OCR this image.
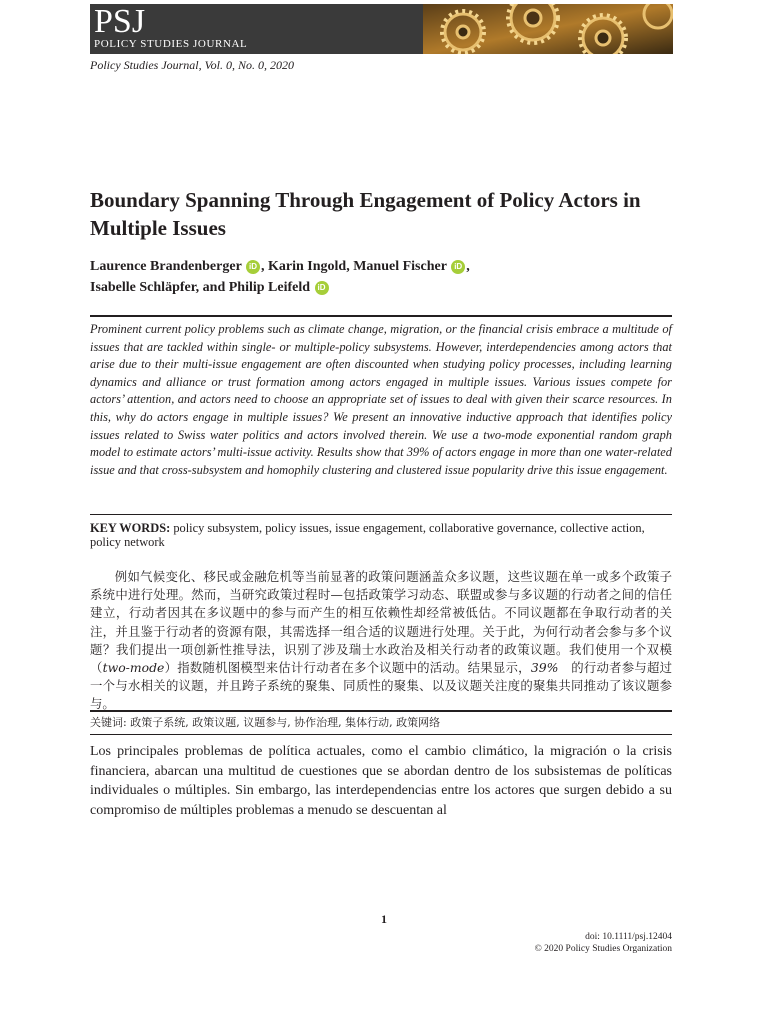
PSJ
POLICY STUDIES JOURNAL
Policy Studies Journal, Vol. 0, No. 0, 2020
Boundary Spanning Through Engagement of Policy Actors in Multiple Issues
Laurence Brandenberger iD , Karin Ingold, Manuel Fischer iD ,
Isabelle Schläpfer, and Philip Leifeld iD
Prominent current policy problems such as climate change, migration, or the financial crisis embrace a multitude of issues that are tackled within single- or multiple-policy subsystems. However, interdependencies among actors that arise due to their multi-issue engagement are often discounted when studying policy processes, including learning dynamics and alliance or trust formation among actors engaged in multiple issues. Various issues compete for actors’ attention, and actors need to choose an appropriate set of issues to deal with given their scarce resources. In this, why do actors engage in multiple issues? We present an innovative inductive approach that identifies policy issues related to Swiss water politics and actors involved therein. We use a two-mode exponential random graph model to estimate actors’ multi-issue activity. Results show that 39% of actors engage in more than one water-related issue and that cross-subsystem and homophily clustering and clustered issue popularity drive this issue engagement.
KEY WORDS: policy subsystem, policy issues, issue engagement, collaborative governance, collective action, policy network
例如气候变化、移民或金融危机等当前显著的政策问题涵盖众多议题，这些议题在单一或多个政策子系统中进行处理。然而，当研究政策过程时—包括政策学习动态、联盟或参与多议题的行动者之间的信任建立，行动者因其在多议题中的参与而产生的相互依赖性却经常被低估。不同议题都在争取行动者的关注，并且鉴于行动者的资源有限，其需选择一组合适的议题进行处理。关于此，为何行动者会参与多个议题？我们提出一项创新性推导法，识别了涉及瑞士水政治及相关行动者的政策议题。我们使用一个双模（two-mode）指数随机图模型来估计行动者在多个议题中的活动。结果显示，39%　的行动者参与超过一个与水相关的议题，并且跨子系统的聚集、同质性的聚集、以及议题关注度的聚集共同推动了该议题参与。
关键词: 政策子系统, 政策议题, 议题参与, 协作治理, 集体行动, 政策网络
Los principales problemas de política actuales, como el cambio climático, la migración o la crisis financiera, abarcan una multitud de cuestiones que se abordan dentro de los subsistemas de políticas individuales o múltiples. Sin embargo, las interdependencias entre los actores que surgen debido a su compromiso de múltiples problemas a menudo se descuentan al
1
doi: 10.1111/psj.12404
© 2020 Policy Studies Organization
